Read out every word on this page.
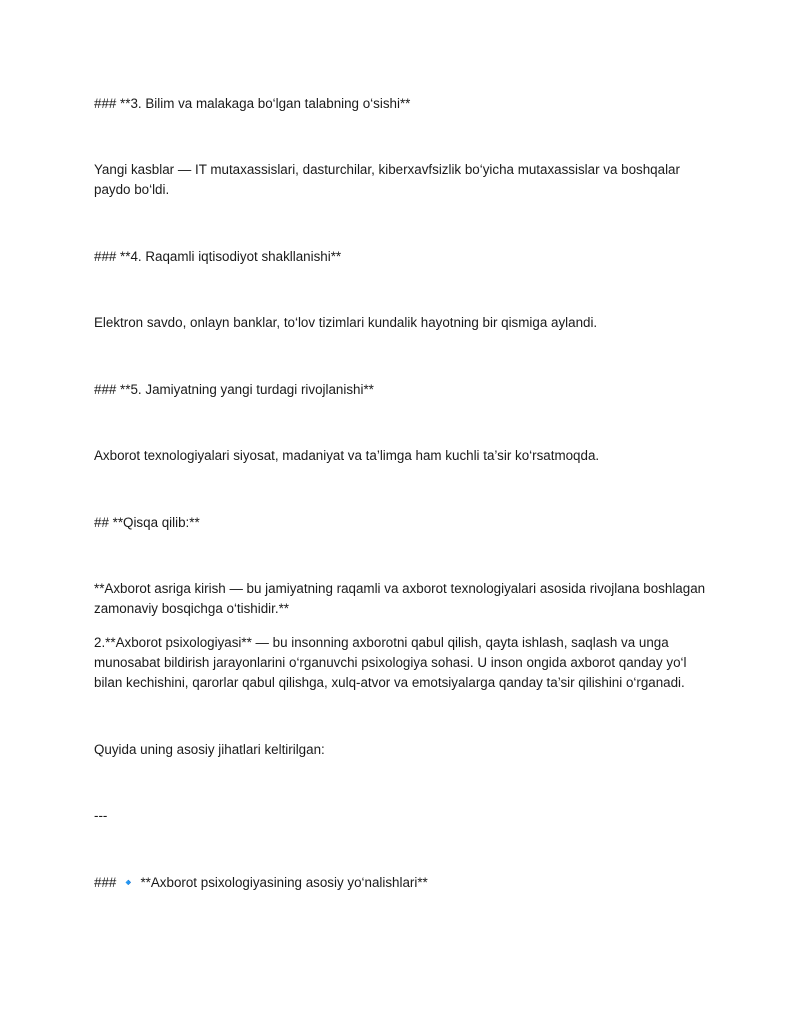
### **3. Bilim va malakaga bo‘lgan talabning o‘sishi**

Yangi kasblar — IT mutaxassislari, dasturchilar, kiberxavfsizlik bo‘yicha mutaxassislar va boshqalar paydo bo‘ldi.

### **4. Raqamli iqtisodiyot shakllanishi**

Elektron savdo, onlayn banklar, to‘lov tizimlari kundalik hayotning bir qismiga aylandi.

### **5. Jamiyatning yangi turdagi rivojlanishi**

Axborot texnologiyalari siyosat, madaniyat va ta’limga ham kuchli ta’sir ko‘rsatmoqda.

## **Qisqa qilib:**

**Axborot asriga kirish — bu jamiyatning raqamli va axborot texnologiyalari asosida rivojlana boshlagan zamonaviy bosqichga o‘tishidir.**

2.**Axborot psixologiyasi** — bu insonning axborotni qabul qilish, qayta ishlash, saqlash va unga munosabat bildirish jarayonlarini o‘rganuvchi psixologiya sohasi. U inson ongida axborot qanday yo‘l bilan kechishini, qarorlar qabul qilishga, xulq-atvor va emotsiyalarga qanday ta’sir qilishini o‘rganadi.

Quyida uning asosiy jihatlari keltirilgan:

---

### 🔹 **Axborot psixologiyasining asosiy yo‘nalishlari**
